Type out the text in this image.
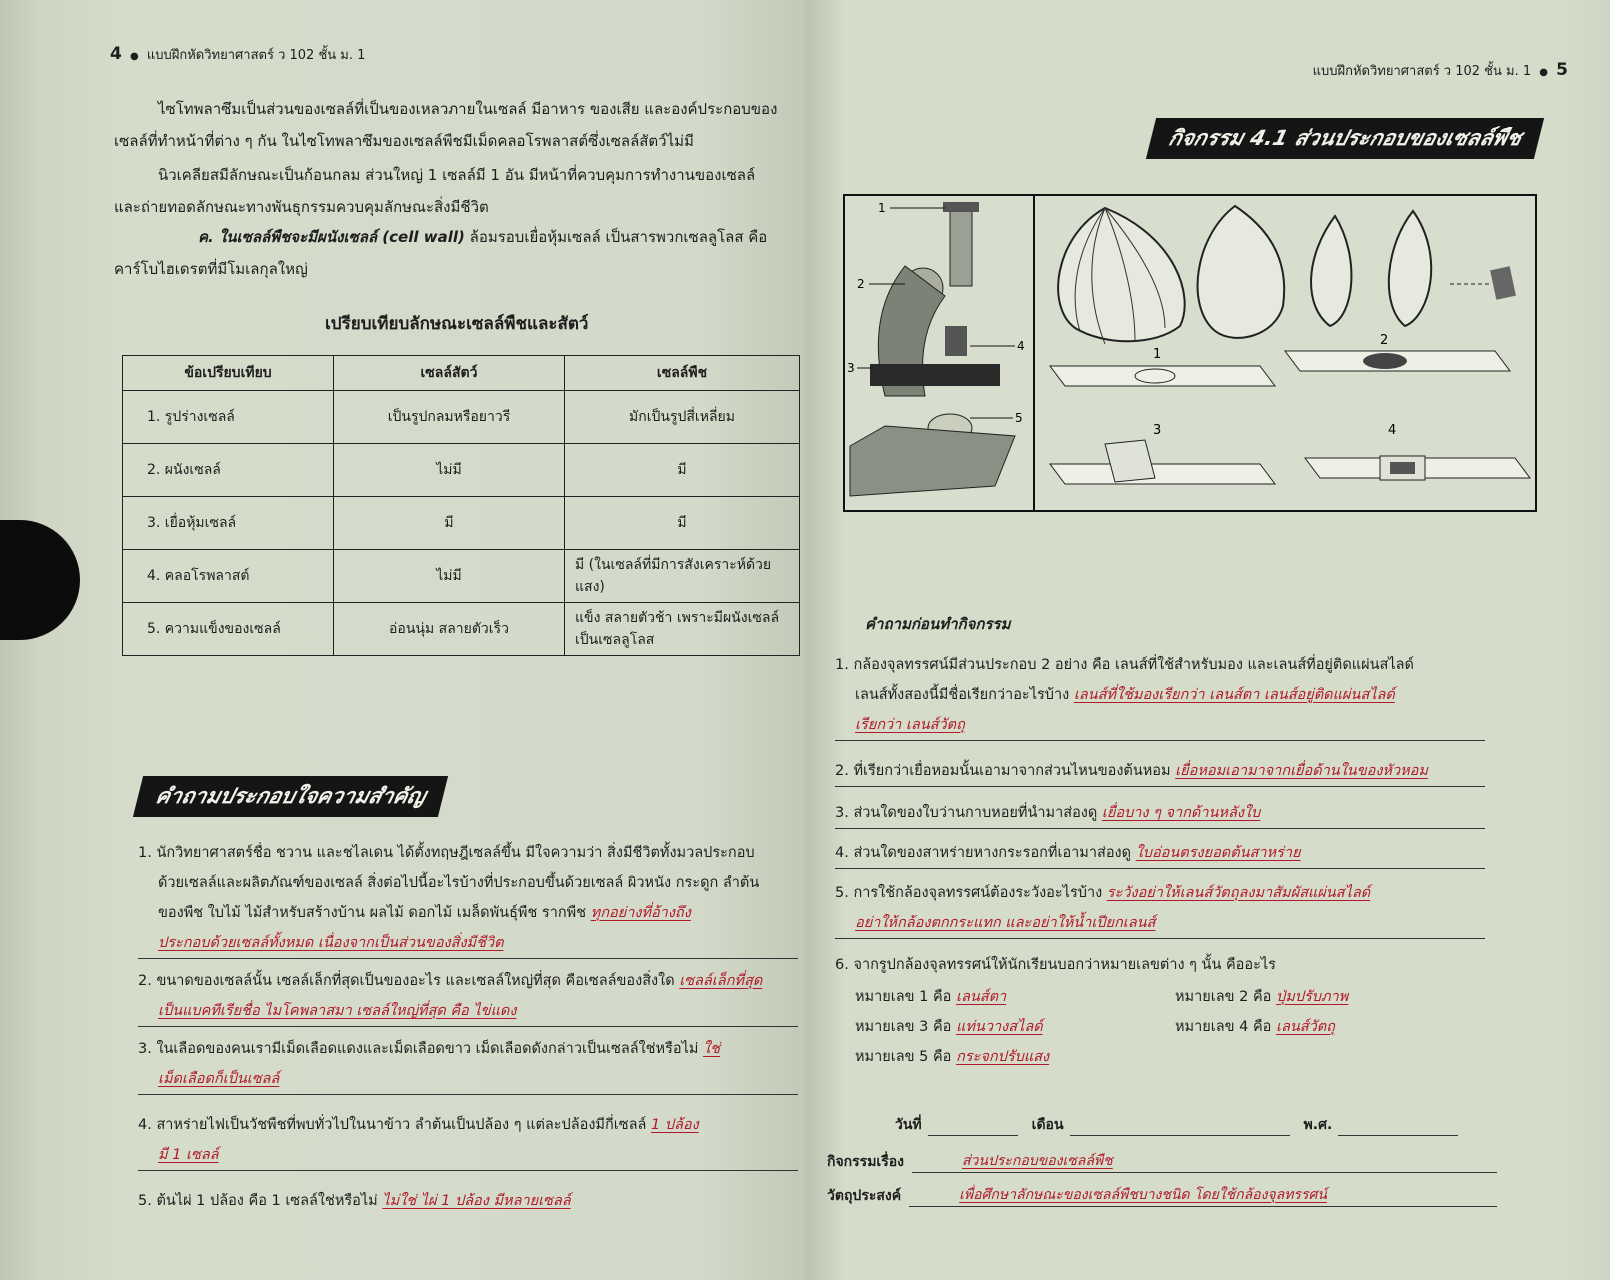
4 ● แบบฝึกหัดวิทยาศาสตร์ ว 102 ชั้น ม. 1
ไซโทพลาซึมเป็นส่วนของเซลล์ที่เป็นของเหลวภายในเซลล์ มีอาหาร ของเสีย และองค์ประกอบของ
เซลล์ที่ทำหน้าที่ต่าง ๆ กัน ในไซโทพลาซึมของเซลล์พืชมีเม็ดคลอโรพลาสต์ซึ่งเซลล์สัตว์ไม่มี
นิวเคลียสมีลักษณะเป็นก้อนกลม ส่วนใหญ่ 1 เซลล์มี 1 อัน มีหน้าที่ควบคุมการทำงานของเซลล์
และถ่ายทอดลักษณะทางพันธุกรรมควบคุมลักษณะสิ่งมีชีวิต
ค. ในเซลล์พืชจะมีผนังเซลล์ (cell wall) ล้อมรอบเยื่อหุ้มเซลล์ เป็นสารพวกเซลลูโลส คือ
คาร์โบไฮเดรตที่มีโมเลกุลใหญ่
เปรียบเทียบลักษณะเซลล์พืชและสัตว์
ข้อเปรียบเทียบ	เซลล์สัตว์	เซลล์พืช
1. รูปร่างเซลล์	เป็นรูปกลมหรือยาวรี	มักเป็นรูปสี่เหลี่ยม
2. ผนังเซลล์	ไม่มี	มี
3. เยื่อหุ้มเซลล์	มี	มี
4. คลอโรพลาสต์	ไม่มี	มี (ในเซลล์ที่มีการสังเคราะห์ด้วยแสง)
5. ความแข็งของเซลล์	อ่อนนุ่ม สลายตัวเร็ว	แข็ง สลายตัวช้า เพราะมีผนังเซลล์เป็นเซลลูโลส
คำถามประกอบใจความสำคัญ
1. นักวิทยาศาสตร์ชื่อ ชวาน และชไลเดน ได้ตั้งทฤษฎีเซลล์ขึ้น มีใจความว่า สิ่งมีชีวิตทั้งมวลประกอบ
ด้วยเซลล์และผลิตภัณฑ์ของเซลล์ สิ่งต่อไปนี้อะไรบ้างที่ประกอบขึ้นด้วยเซลล์ ผิวหนัง กระดูก ลำต้น
ของพืช ใบไม้ ไม้สำหรับสร้างบ้าน ผลไม้ ดอกไม้ เมล็ดพันธุ์พืช รากพืช ทุกอย่างที่อ้างถึง
ประกอบด้วยเซลล์ทั้งหมด เนื่องจากเป็นส่วนของสิ่งมีชีวิต
2. ขนาดของเซลล์นั้น เซลล์เล็กที่สุดเป็นของอะไร และเซลล์ใหญ่ที่สุด คือเซลล์ของสิ่งใด เซลล์เล็กที่สุด
เป็นแบคทีเรียชื่อ ไมโคพลาสมา เซลล์ใหญ่ที่สุด คือ ไข่แดง
3. ในเลือดของคนเรามีเม็ดเลือดแดงและเม็ดเลือดขาว เม็ดเลือดดังกล่าวเป็นเซลล์ใช่หรือไม่ ใช่
เม็ดเลือดก็เป็นเซลล์
4. สาหร่ายไฟเป็นวัชพืชที่พบทั่วไปในนาข้าว ลำต้นเป็นปล้อง ๆ แต่ละปล้องมีกี่เซลล์ 1 ปล้อง
มี 1 เซลล์
5. ต้นไผ่ 1 ปล้อง คือ 1 เซลล์ใช่หรือไม่ ไม่ใช่ ไผ่ 1 ปล้อง มีหลายเซลล์
แบบฝึกหัดวิทยาศาสตร์ ว 102 ชั้น ม. 1 ● 5
กิจกรรม 4.1 ส่วนประกอบของเซลล์พืช
1
2
3
4
5
1
2
3	4
คำถามก่อนทำกิจกรรม
1. กล้องจุลทรรศน์มีส่วนประกอบ 2 อย่าง คือ เลนส์ที่ใช้สำหรับมอง และเลนส์ที่อยู่ติดแผ่นสไลด์
เลนส์ทั้งสองนี้มีชื่อเรียกว่าอะไรบ้าง เลนส์ที่ใช้มองเรียกว่า เลนส์ตา เลนส์อยู่ติดแผ่นสไลด์
เรียกว่า เลนส์วัตถุ
2. ที่เรียกว่าเยื่อหอมนั้นเอามาจากส่วนไหนของต้นหอม เยื่อหอมเอามาจากเยื่อด้านในของหัวหอม
3. ส่วนใดของใบว่านกาบหอยที่นำมาส่องดู เยื่อบาง ๆ จากด้านหลังใบ
4. ส่วนใดของสาหร่ายหางกระรอกที่เอามาส่องดู ใบอ่อนตรงยอดต้นสาหร่าย
5. การใช้กล้องจุลทรรศน์ต้องระวังอะไรบ้าง ระวังอย่าให้เลนส์วัตถุลงมาสัมผัสแผ่นสไลด์
อย่าให้กล้องตกกระแทก และอย่าให้น้ำเปียกเลนส์
6. จากรูปกล้องจุลทรรศน์ให้นักเรียนบอกว่าหมายเลขต่าง ๆ นั้น คืออะไร
หมายเลข 1 คือ เลนส์ตา	หมายเลข 2 คือ ปุ่มปรับภาพ
หมายเลข 3 คือ แท่นวางสไลด์	หมายเลข 4 คือ เลนส์วัตถุ
หมายเลข 5 คือ กระจกปรับแสง
วันที่
	เดือน
	พ.ศ.

กิจกรรมเรื่อง	ส่วนประกอบของเซลล์พืช
วัตถุประสงค์	เพื่อศึกษาลักษณะของเซลล์พืชบางชนิด โดยใช้กล้องจุลทรรศน์
